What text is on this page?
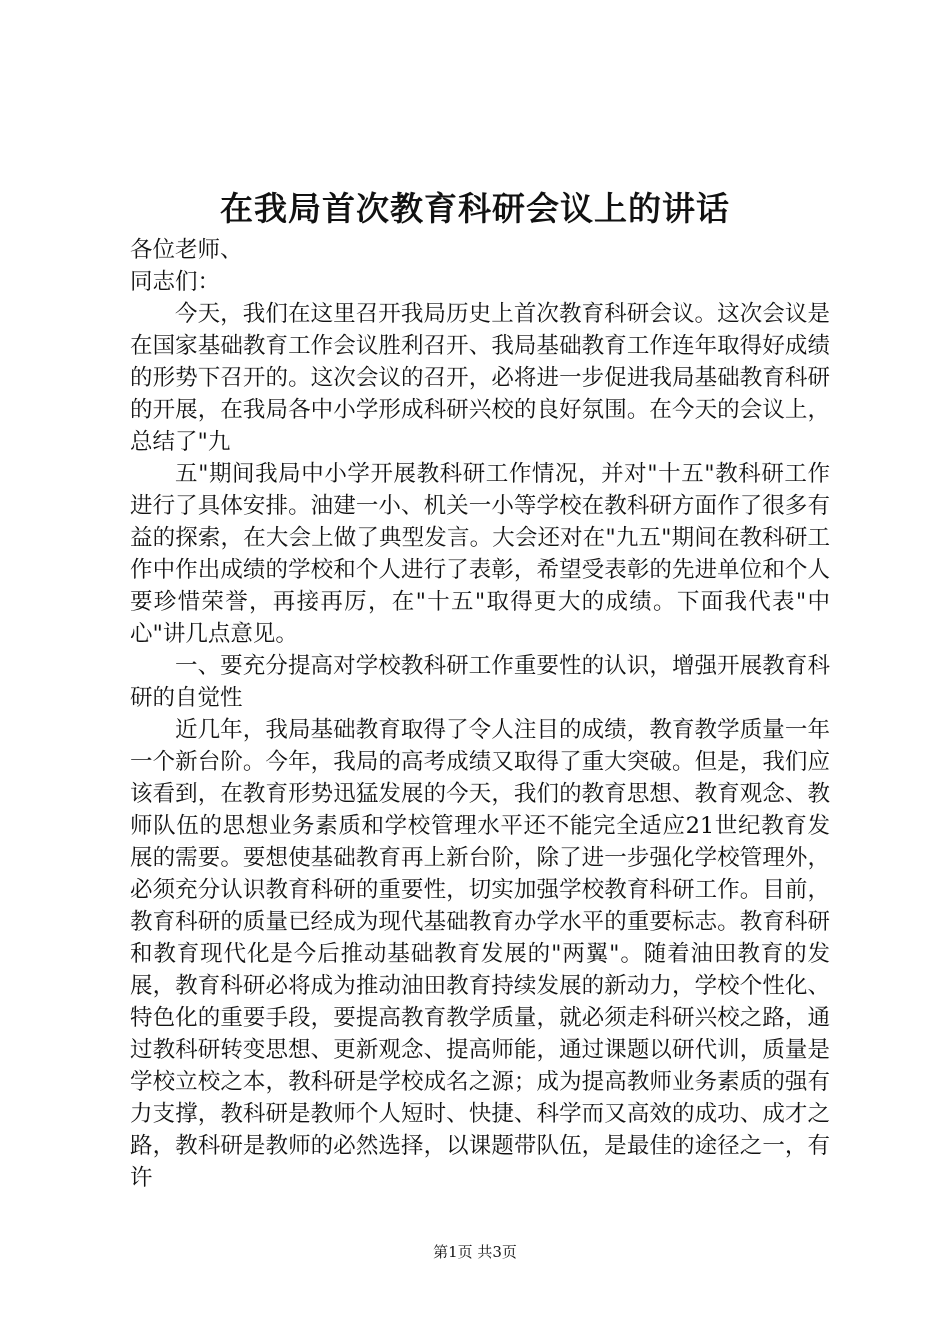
在我局首次教育科研会议上的讲话

各位老师、

同志们：

今天，我们在这里召开我局历史上首次教育科研会议。这次会议是在国家基础教育工作会议胜利召开、我局基础教育工作连年取得好成绩的形势下召开的。这次会议的召开，必将进一步促进我局基础教育科研的开展，在我局各中小学形成科研兴校的良好氛围。在今天的会议上，总结了"九

五"期间我局中小学开展教科研工作情况，并对"十五"教科研工作进行了具体安排。油建一小、机关一小等学校在教科研方面作了很多有益的探索，在大会上做了典型发言。大会还对在"九五"期间在教科研工作中作出成绩的学校和个人进行了表彰，希望受表彰的先进单位和个人要珍惜荣誉，再接再厉，在"十五"取得更大的成绩。下面我代表"中心"讲几点意见。

一、要充分提高对学校教科研工作重要性的认识，增强开展教育科研的自觉性

近几年，我局基础教育取得了令人注目的成绩，教育教学质量一年一个新台阶。今年，我局的高考成绩又取得了重大突破。但是，我们应该看到，在教育形势迅猛发展的今天，我们的教育思想、教育观念、教师队伍的思想业务素质和学校管理水平还不能完全适应21世纪教育发展的需要。要想使基础教育再上新台阶，除了进一步强化学校管理外，必须充分认识教育科研的重要性，切实加强学校教育科研工作。目前，教育科研的质量已经成为现代基础教育办学水平的重要标志。教育科研和教育现代化是今后推动基础教育发展的"两翼"。随着油田教育的发展，教育科研必将成为推动油田教育持续发展的新动力，学校个性化、特色化的重要手段，要提高教育教学质量，就必须走科研兴校之路，通过教科研转变思想、更新观念、提高师能，通过课题以研代训，质量是学校立校之本，教科研是学校成名之源；成为提高教师业务素质的强有力支撑，教科研是教师个人短时、快捷、科学而又高效的成功、成才之路，教科研是教师的必然选择，以课题带队伍，是最佳的途径之一，有许

第1页 共3页
